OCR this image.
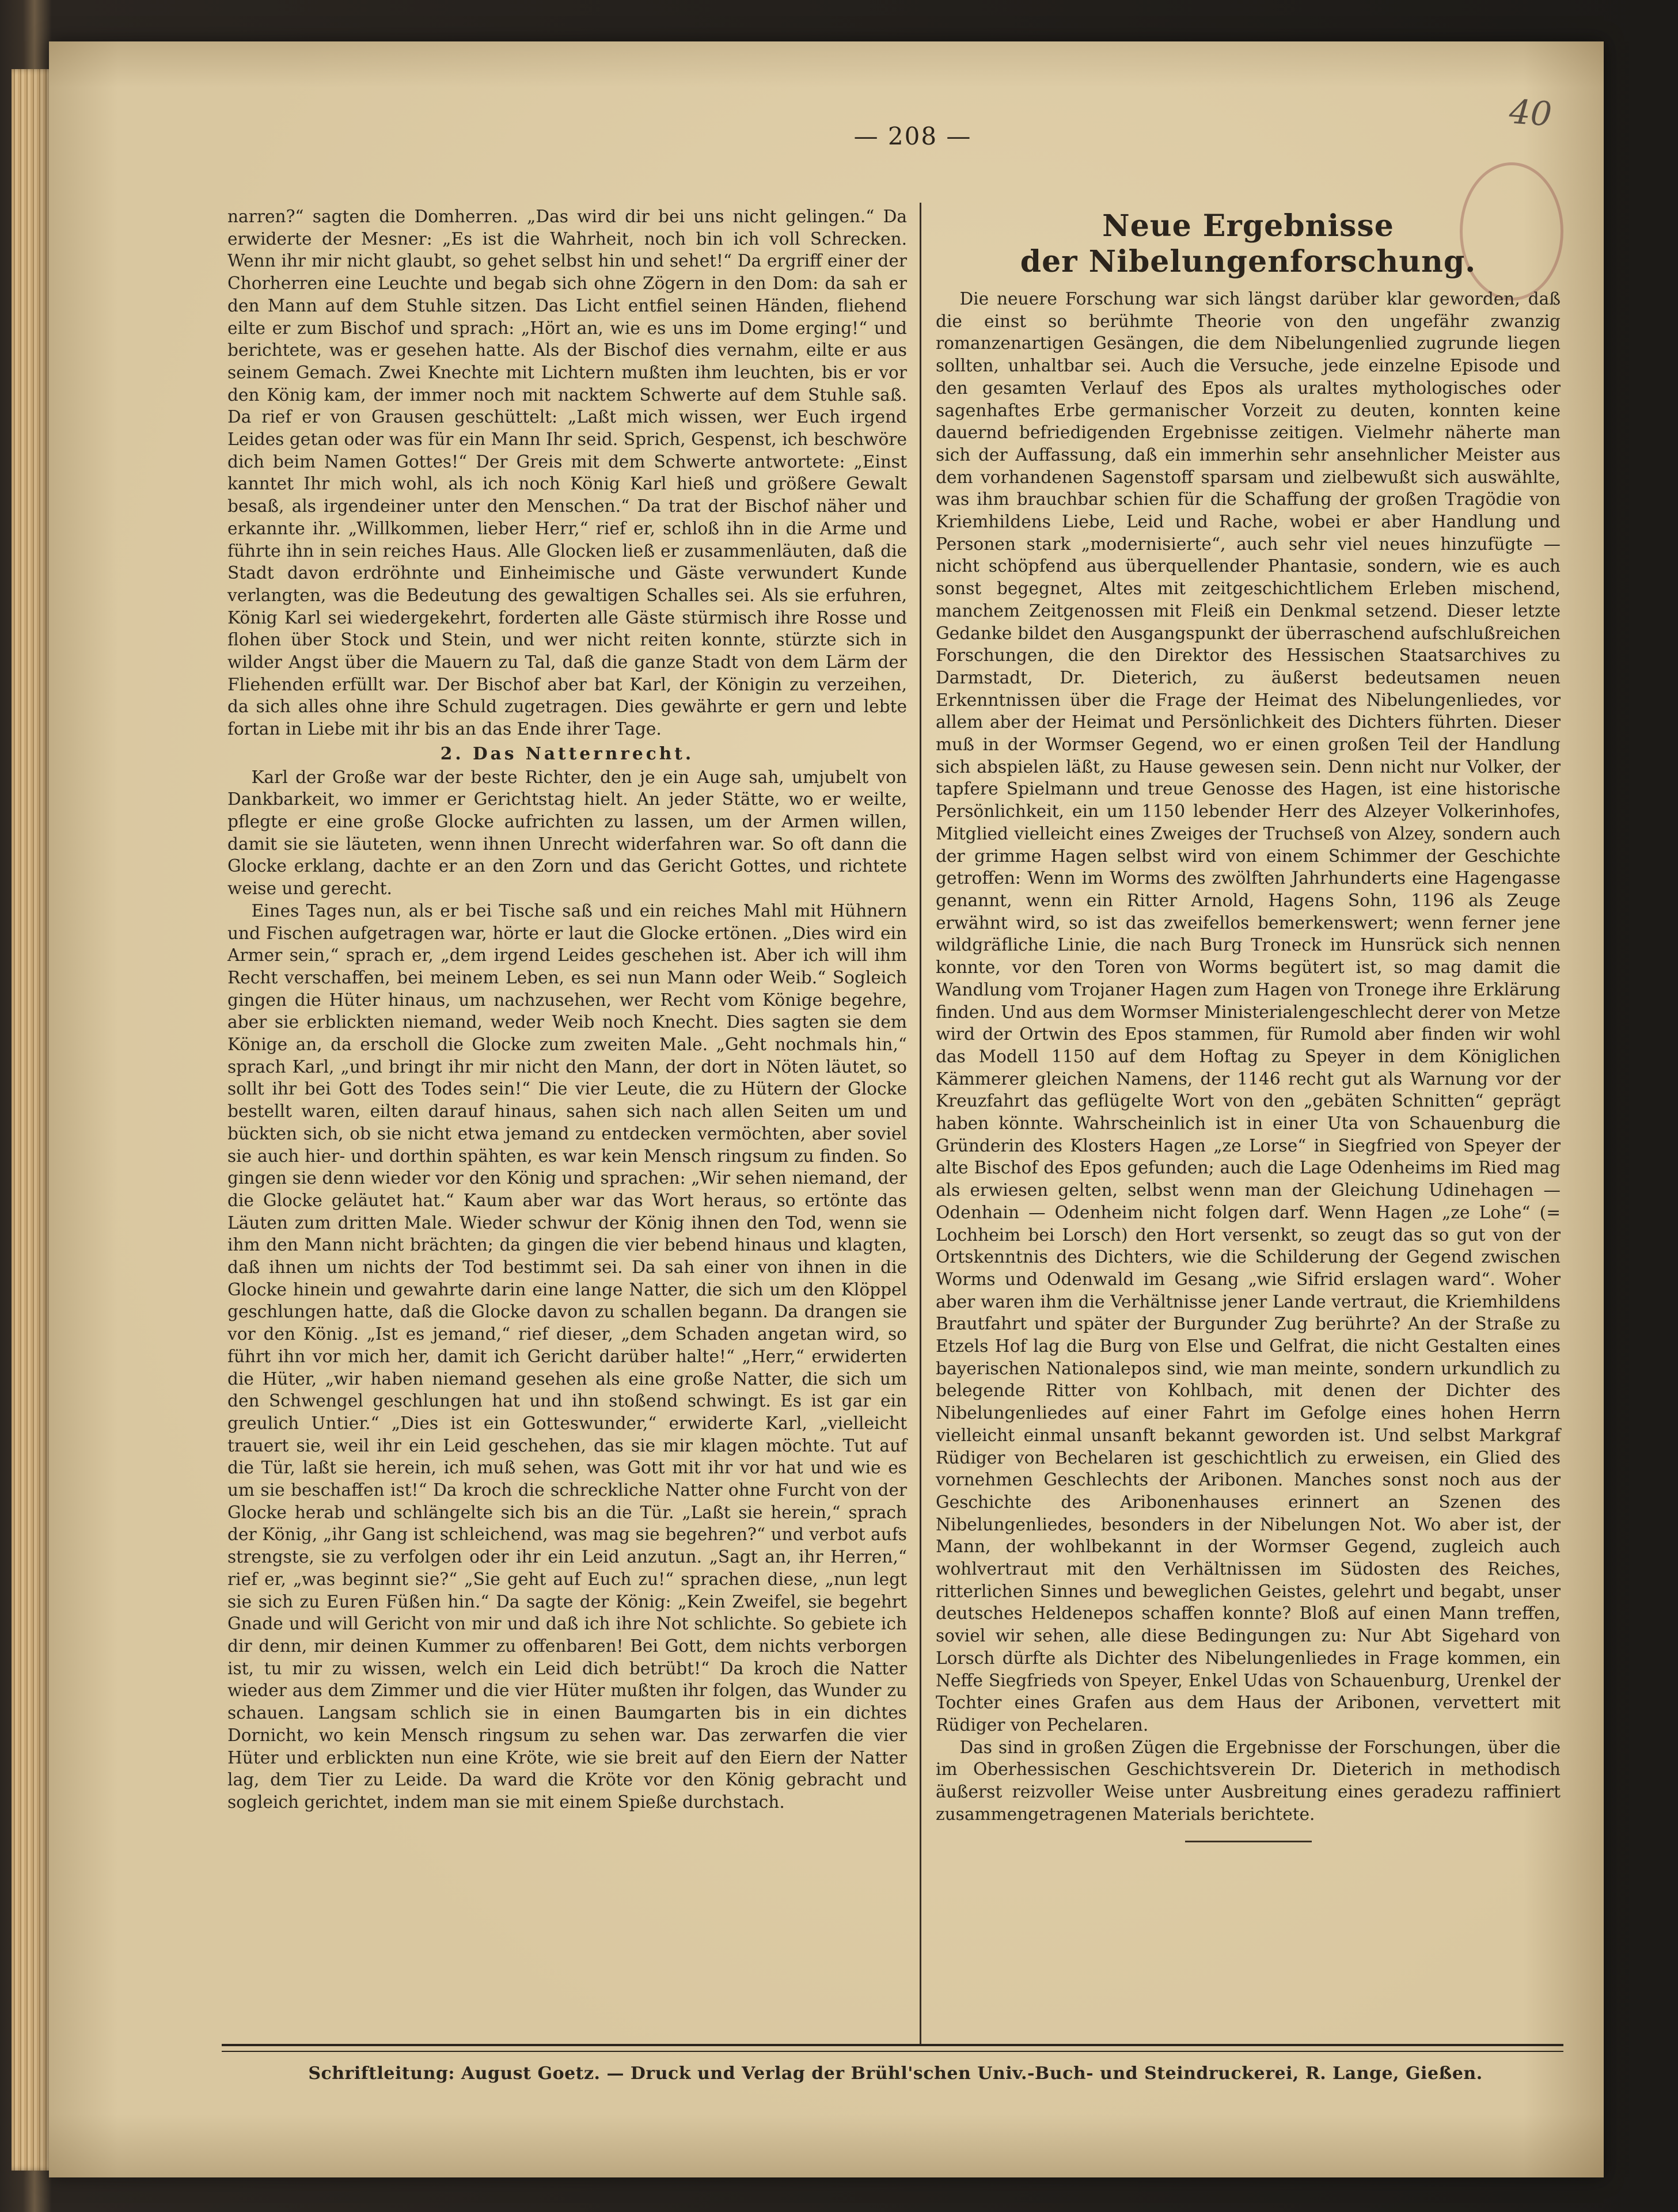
40
— 208 —

narren?“ sagten die Domherren. „Das wird dir bei uns nicht gelingen.“ Da erwiderte der Mesner: „Es ist die Wahrheit, noch bin ich voll Schrecken. Wenn ihr mir nicht glaubt, so gehet selbst hin und sehet!“ Da ergriff einer der Chorherren eine Leuchte und begab sich ohne Zögern in den Dom: da sah er den Mann auf dem Stuhle sitzen. Das Licht entfiel seinen Händen, fliehend eilte er zum Bischof und sprach: „Hört an, wie es uns im Dome erging!“ und berichtete, was er gesehen hatte. Als der Bischof dies vernahm, eilte er aus seinem Gemach. Zwei Knechte mit Lichtern mußten ihm leuchten, bis er vor den König kam, der immer noch mit nacktem Schwerte auf dem Stuhle saß. Da rief er von Grausen geschüttelt: „Laßt mich wissen, wer Euch irgend Leides getan oder was für ein Mann Ihr seid. Sprich, Gespenst, ich beschwöre dich beim Namen Gottes!“ Der Greis mit dem Schwerte antwortete: „Einst kanntet Ihr mich wohl, als ich noch König Karl hieß und größere Gewalt besaß, als irgendeiner unter den Menschen.“ Da trat der Bischof näher und erkannte ihr. „Willkommen, lieber Herr,“ rief er, schloß ihn in die Arme und führte ihn in sein reiches Haus. Alle Glocken ließ er zusammenläuten, daß die Stadt davon erdröhnte und Einheimische und Gäste verwundert Kunde verlangten, was die Bedeutung des gewaltigen Schalles sei. Als sie erfuhren, König Karl sei wiedergekehrt, forderten alle Gäste stürmisch ihre Rosse und flohen über Stock und Stein, und wer nicht reiten konnte, stürzte sich in wilder Angst über die Mauern zu Tal, daß die ganze Stadt von dem Lärm der Fliehenden erfüllt war. Der Bischof aber bat Karl, der Königin zu verzeihen, da sich alles ohne ihre Schuld zugetragen. Dies gewährte er gern und lebte fortan in Liebe mit ihr bis an das Ende ihrer Tage.

2. Das Natternrecht.

Karl der Große war der beste Richter, den je ein Auge sah, umjubelt von Dankbarkeit, wo immer er Gerichtstag hielt. An jeder Stätte, wo er weilte, pflegte er eine große Glocke aufrichten zu lassen, um der Armen willen, damit sie sie läuteten, wenn ihnen Unrecht widerfahren war. So oft dann die Glocke erklang, dachte er an den Zorn und das Gericht Gottes, und richtete weise und gerecht.

Eines Tages nun, als er bei Tische saß und ein reiches Mahl mit Hühnern und Fischen aufgetragen war, hörte er laut die Glocke ertönen. „Dies wird ein Armer sein,“ sprach er, „dem irgend Leides geschehen ist. Aber ich will ihm Recht verschaffen, bei meinem Leben, es sei nun Mann oder Weib.“ Sogleich gingen die Hüter hinaus, um nachzusehen, wer Recht vom Könige begehre, aber sie erblickten niemand, weder Weib noch Knecht. Dies sagten sie dem Könige an, da erscholl die Glocke zum zweiten Male. „Geht nochmals hin,“ sprach Karl, „und bringt ihr mir nicht den Mann, der dort in Nöten läutet, so sollt ihr bei Gott des Todes sein!“ Die vier Leute, die zu Hütern der Glocke bestellt waren, eilten darauf hinaus, sahen sich nach allen Seiten um und bückten sich, ob sie nicht etwa jemand zu entdecken vermöchten, aber soviel sie auch hier- und dorthin spähten, es war kein Mensch ringsum zu finden. So gingen sie denn wieder vor den König und sprachen: „Wir sehen niemand, der die Glocke geläutet hat.“ Kaum aber war das Wort heraus, so ertönte das Läuten zum dritten Male. Wieder schwur der König ihnen den Tod, wenn sie ihm den Mann nicht brächten; da gingen die vier bebend hinaus und klagten, daß ihnen um nichts der Tod bestimmt sei. Da sah einer von ihnen in die Glocke hinein und gewahrte darin eine lange Natter, die sich um den Klöppel geschlungen hatte, daß die Glocke davon zu schallen begann. Da drangen sie vor den König. „Ist es jemand,“ rief dieser, „dem Schaden angetan wird, so führt ihn vor mich her, damit ich Gericht darüber halte!“ „Herr,“ erwiderten die Hüter, „wir haben niemand gesehen als eine große Natter, die sich um den Schwengel geschlungen hat und ihn stoßend schwingt. Es ist gar ein greulich Untier.“ „Dies ist ein Gotteswunder,“ erwiderte Karl, „vielleicht trauert sie, weil ihr ein Leid geschehen, das sie mir klagen möchte. Tut auf die Tür, laßt sie herein, ich muß sehen, was Gott mit ihr vor hat und wie es um sie beschaffen ist!“ Da kroch die schreckliche Natter ohne Furcht von der Glocke herab und schlängelte sich bis an die Tür. „Laßt sie herein,“ sprach der König, „ihr Gang ist schleichend, was mag sie begehren?“ und verbot aufs strengste, sie zu verfolgen oder ihr ein Leid anzutun. „Sagt an, ihr Herren,“ rief er, „was beginnt sie?“ „Sie geht auf Euch zu!“ sprachen diese, „nun legt sie sich zu Euren Füßen hin.“ Da sagte der König: „Kein Zweifel, sie begehrt Gnade und will Gericht von mir und daß ich ihre Not schlichte. So gebiete ich dir denn, mir deinen Kummer zu offenbaren! Bei Gott, dem nichts verborgen ist, tu mir zu wissen, welch ein Leid dich betrübt!“ Da kroch die Natter wieder aus dem Zimmer und die vier Hüter mußten ihr folgen, das Wunder zu schauen. Langsam schlich sie in einen Baumgarten bis in ein dichtes Dornicht, wo kein Mensch ringsum zu sehen war. Das zerwarfen die vier Hüter und erblickten nun eine Kröte, wie sie breit auf den Eiern der Natter lag, dem Tier zu Leide. Da ward die Kröte vor den König gebracht und sogleich gerichtet, indem man sie mit einem Spieße durchstach.

Neue Ergebnisse
der Nibelungenforschung.

Die neuere Forschung war sich längst darüber klar geworden, daß die einst so berühmte Theorie von den ungefähr zwanzig romanzenartigen Gesängen, die dem Nibelungenlied zugrunde liegen sollten, unhaltbar sei. Auch die Versuche, jede einzelne Episode und den gesamten Verlauf des Epos als uraltes mythologisches oder sagenhaftes Erbe germanischer Vorzeit zu deuten, konnten keine dauernd befriedigenden Ergebnisse zeitigen. Vielmehr näherte man sich der Auffassung, daß ein immerhin sehr ansehnlicher Meister aus dem vorhandenen Sagenstoff sparsam und zielbewußt sich auswählte, was ihm brauchbar schien für die Schaffung der großen Tragödie von Kriemhildens Liebe, Leid und Rache, wobei er aber Handlung und Personen stark „modernisierte“, auch sehr viel neues hinzufügte — nicht schöpfend aus überquellender Phantasie, sondern, wie es auch sonst begegnet, Altes mit zeitgeschichtlichem Erleben mischend, manchem Zeitgenossen mit Fleiß ein Denkmal setzend. Dieser letzte Gedanke bildet den Ausgangspunkt der überraschend aufschlußreichen Forschungen, die den Direktor des Hessischen Staatsarchives zu Darmstadt, Dr. Dieterich, zu äußerst bedeutsamen neuen Erkenntnissen über die Frage der Heimat des Nibelungenliedes, vor allem aber der Heimat und Persönlichkeit des Dichters führten. Dieser muß in der Wormser Gegend, wo er einen großen Teil der Handlung sich abspielen läßt, zu Hause gewesen sein. Denn nicht nur Volker, der tapfere Spielmann und treue Genosse des Hagen, ist eine historische Persönlichkeit, ein um 1150 lebender Herr des Alzeyer Volkerinhofes, Mitglied vielleicht eines Zweiges der Truchseß von Alzey, sondern auch der grimme Hagen selbst wird von einem Schimmer der Geschichte getroffen: Wenn im Worms des zwölften Jahrhunderts eine Hagengasse genannt, wenn ein Ritter Arnold, Hagens Sohn, 1196 als Zeuge erwähnt wird, so ist das zweifellos bemerkenswert; wenn ferner jene wildgräfliche Linie, die nach Burg Troneck im Hunsrück sich nennen konnte, vor den Toren von Worms begütert ist, so mag damit die Wandlung vom Trojaner Hagen zum Hagen von Tronege ihre Erklärung finden. Und aus dem Wormser Ministerialengeschlecht derer von Metze wird der Ortwin des Epos stammen, für Rumold aber finden wir wohl das Modell 1150 auf dem Hoftag zu Speyer in dem Königlichen Kämmerer gleichen Namens, der 1146 recht gut als Warnung vor der Kreuzfahrt das geflügelte Wort von den „gebäten Schnitten“ geprägt haben könnte. Wahrscheinlich ist in einer Uta von Schauenburg die Gründerin des Klosters Hagen „ze Lorse“ in Siegfried von Speyer der alte Bischof des Epos gefunden; auch die Lage Odenheims im Ried mag als erwiesen gelten, selbst wenn man der Gleichung Udinehagen — Odenhain — Odenheim nicht folgen darf. Wenn Hagen „ze Lohe“ (= Lochheim bei Lorsch) den Hort versenkt, so zeugt das so gut von der Ortskenntnis des Dichters, wie die Schilderung der Gegend zwischen Worms und Odenwald im Gesang „wie Sifrid erslagen ward“. Woher aber waren ihm die Verhältnisse jener Lande vertraut, die Kriemhildens Brautfahrt und später der Burgunder Zug berührte? An der Straße zu Etzels Hof lag die Burg von Else und Gelfrat, die nicht Gestalten eines bayerischen Nationalepos sind, wie man meinte, sondern urkundlich zu belegende Ritter von Kohlbach, mit denen der Dichter des Nibelungenliedes auf einer Fahrt im Gefolge eines hohen Herrn vielleicht einmal unsanft bekannt geworden ist. Und selbst Markgraf Rüdiger von Bechelaren ist geschichtlich zu erweisen, ein Glied des vornehmen Geschlechts der Aribonen. Manches sonst noch aus der Geschichte des Aribonenhauses erinnert an Szenen des Nibelungenliedes, besonders in der Nibelungen Not. Wo aber ist, der Mann, der wohlbekannt in der Wormser Gegend, zugleich auch wohlvertraut mit den Verhältnissen im Südosten des Reiches, ritterlichen Sinnes und beweglichen Geistes, gelehrt und begabt, unser deutsches Heldenepos schaffen konnte? Bloß auf einen Mann treffen, soviel wir sehen, alle diese Bedingungen zu: Nur Abt Sigehard von Lorsch dürfte als Dichter des Nibelungenliedes in Frage kommen, ein Neffe Siegfrieds von Speyer, Enkel Udas von Schauenburg, Urenkel der Tochter eines Grafen aus dem Haus der Aribonen, vervettert mit Rüdiger von Pechelaren.

Das sind in großen Zügen die Ergebnisse der Forschungen, über die im Oberhessischen Geschichtsverein Dr. Dieterich in methodisch äußerst reizvoller Weise unter Ausbreitung eines geradezu raffiniert zusammengetragenen Materials berichtete.

Schriftleitung: August Goetz. — Druck und Verlag der Brühl'schen Univ.-Buch- und Steindruckerei, R. Lange, Gießen.
